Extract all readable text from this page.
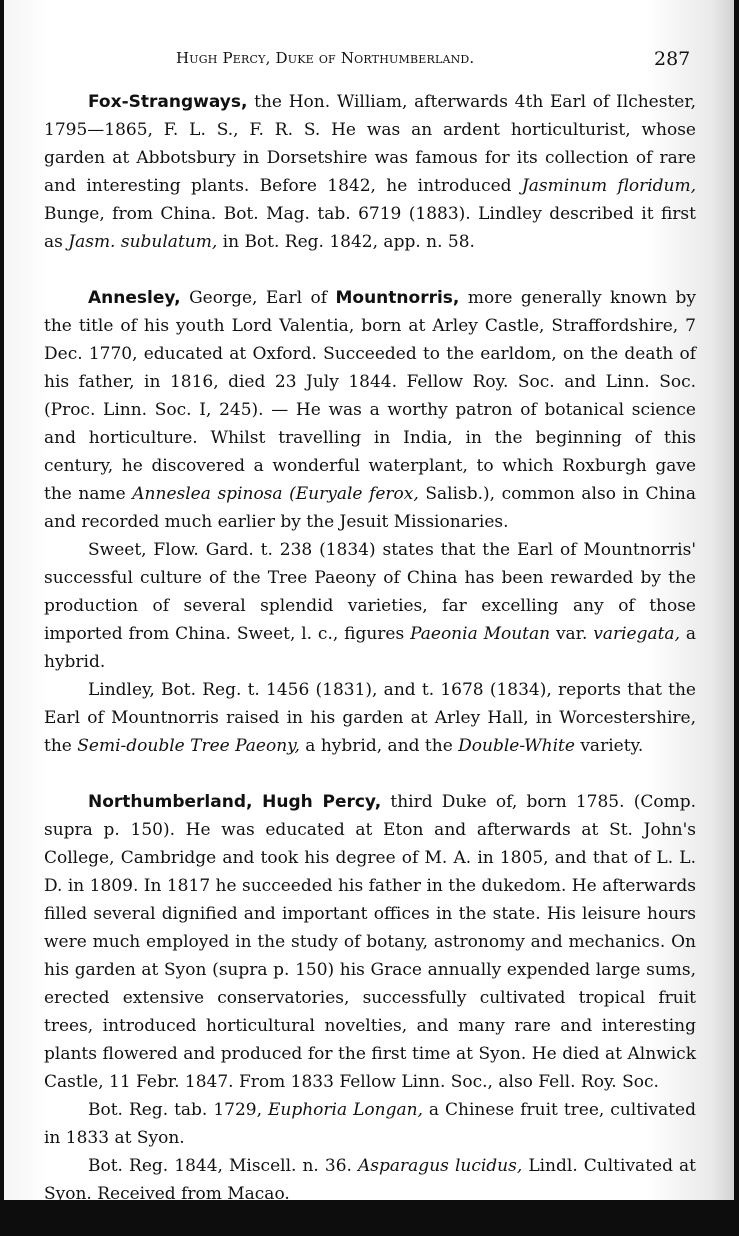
Hugh Percy, Duke of Northumberland.	287

Fox-Strangways, the Hon. William, afterwards 4th Earl of Ilchester, 1795—1865, F. L. S., F. R. S. He was an ardent horticulturist, whose garden at Abbotsbury in Dorsetshire was famous for its collection of rare and interesting plants. Before 1842, he introduced Jasminum floridum, Bunge, from China. Bot. Mag. tab. 6719 (1883). Lindley described it first as Jasm. subulatum, in Bot. Reg. 1842, app. n. 58.

Annesley, George, Earl of Mountnorris, more generally known by the title of his youth Lord Valentia, born at Arley Castle, Straffordshire, 7 Dec. 1770, educated at Oxford. Succeeded to the earldom, on the death of his father, in 1816, died 23 July 1844. Fellow Roy. Soc. and Linn. Soc. (Proc. Linn. Soc. I, 245). — He was a worthy patron of botanical science and horticulture. Whilst travelling in India, in the beginning of this century, he discovered a wonderful waterplant, to which Roxburgh gave the name Anneslea spinosa (Euryale ferox, Salisb.), common also in China and recorded much earlier by the Jesuit Missionaries.

Sweet, Flow. Gard. t. 238 (1834) states that the Earl of Mountnorris' successful culture of the Tree Paeony of China has been rewarded by the production of several splendid varieties, far excelling any of those imported from China. Sweet, l. c., figures Paeonia Moutan var. variegata, a hybrid.

Lindley, Bot. Reg. t. 1456 (1831), and t. 1678 (1834), reports that the Earl of Mountnorris raised in his garden at Arley Hall, in Worcestershire, the Semi-double Tree Paeony, a hybrid, and the Double-White variety.

Northumberland, Hugh Percy, third Duke of, born 1785. (Comp. supra p. 150). He was educated at Eton and afterwards at St. John's College, Cambridge and took his degree of M. A. in 1805, and that of L. L. D. in 1809. In 1817 he succeeded his father in the dukedom. He afterwards filled several dignified and important offices in the state. His leisure hours were much employed in the study of botany, astronomy and mechanics. On his garden at Syon (supra p. 150) his Grace annually expended large sums, erected extensive conservatories, successfully cultivated tropical fruit trees, introduced horticultural novelties, and many rare and interesting plants flowered and produced for the first time at Syon. He died at Alnwick Castle, 11 Febr. 1847. From 1833 Fellow Linn. Soc., also Fell. Roy. Soc.

Bot. Reg. tab. 1729, Euphoria Longan, a Chinese fruit tree, cultivated in 1833 at Syon.

Bot. Reg. 1844, Miscell. n. 36. Asparagus lucidus, Lindl. Cultivated at Syon. Received from Macao.
